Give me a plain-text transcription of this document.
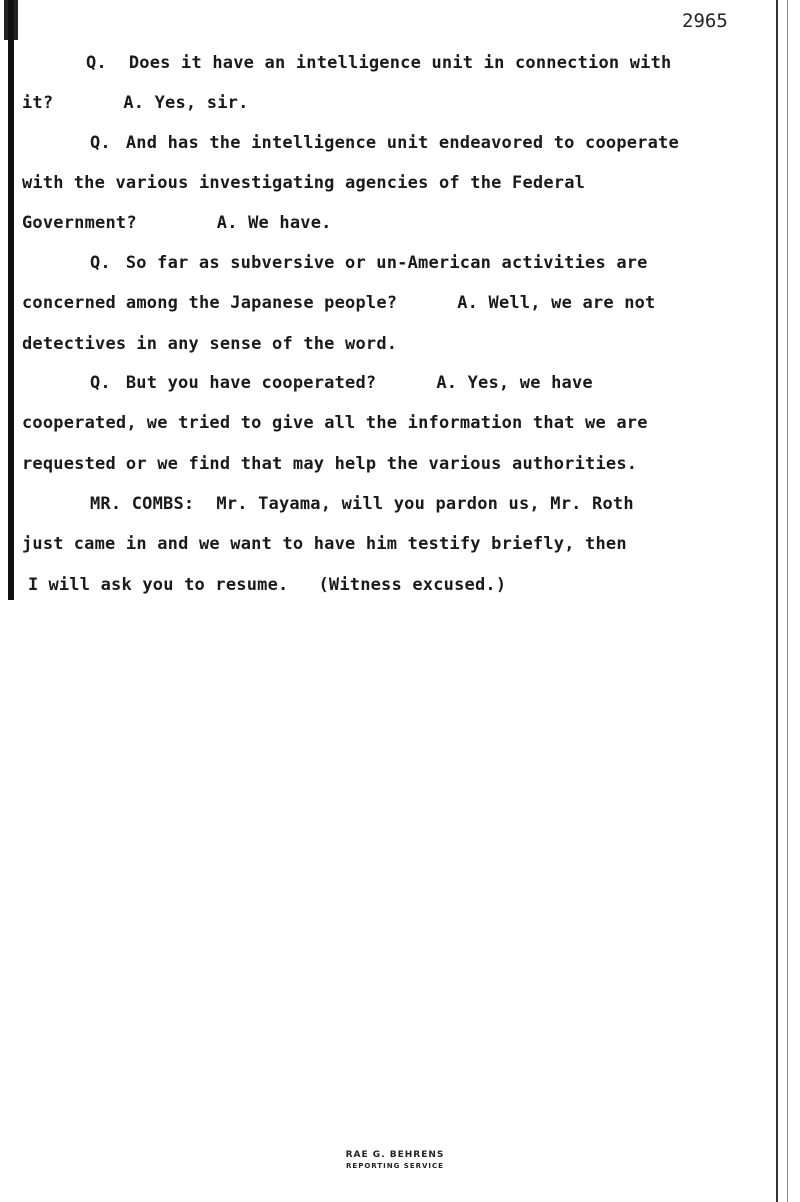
2965
Q. Does it have an intelligence unit in connection with
it?	A. Yes, sir.
Q. And has the intelligence unit endeavored to cooperate
with the various investigating agencies of the Federal
Government?	A. We have.
Q. So far as subversive or un-American activities are
concerned among the Japanese people?	A. Well, we are not
detectives in any sense of the word.
Q. But you have cooperated?	A. Yes, we have
cooperated, we tried to give all the information that we are
requested or we find that may help the various authorities.
MR. COMBS: Mr. Tayama, will you pardon us, Mr. Roth
just came in and we want to have him testify briefly, then
I will ask you to resume. (Witness excused.)
RAE G. BEHRENS
REPORTING SERVICE
